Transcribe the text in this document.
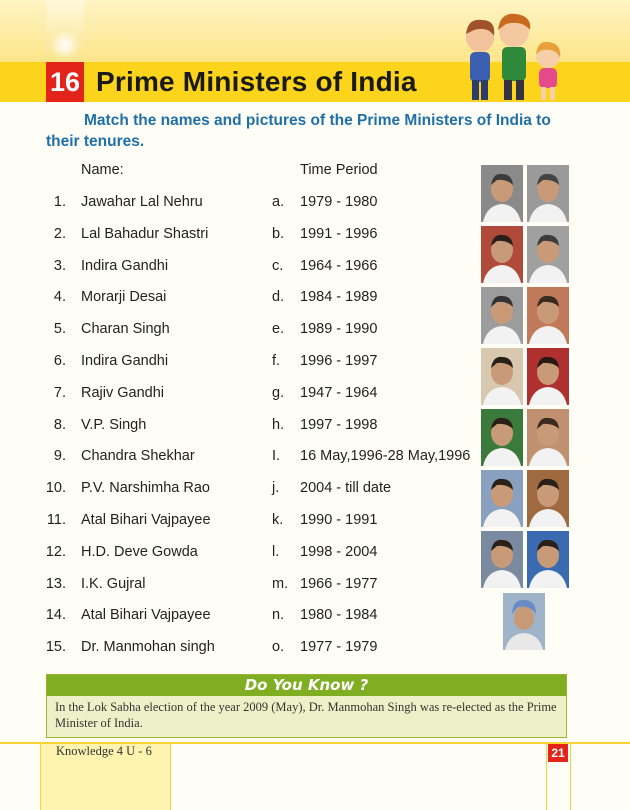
16 Prime Ministers of India
Match the names and pictures of the Prime Ministers of India to their tenures.
Name:	Time Period
1. Jawahar Lal Nehru	a. 1979 - 1980
2. Lal Bahadur Shastri	b. 1991 - 1996
3. Indira Gandhi	c. 1964 - 1966
4. Morarji Desai	d. 1984 - 1989
5. Charan Singh	e. 1989 - 1990
6. Indira Gandhi	f. 1996 - 1997
7. Rajiv Gandhi	g. 1947 - 1964
8. V.P. Singh	h. 1997 - 1998
9. Chandra Shekhar	I. 16 May,1996-28 May,1996
10. P.V. Narshimha Rao	j. 2004 - till date
11. Atal Bihari Vajpayee	k. 1990 - 1991
12. H.D. Deve Gowda	l. 1998 - 2004
13. I.K. Gujral	m. 1966 - 1977
14. Atal Bihari Vajpayee	n. 1980 - 1984
15. Dr. Manmohan singh	o. 1977 - 1979
Do You Know ?
In the Lok Sabha election of the year 2009 (May), Dr. Manmohan Singh was re-elected as the Prime Minister of India.
Knowledge 4 U - 6	21
